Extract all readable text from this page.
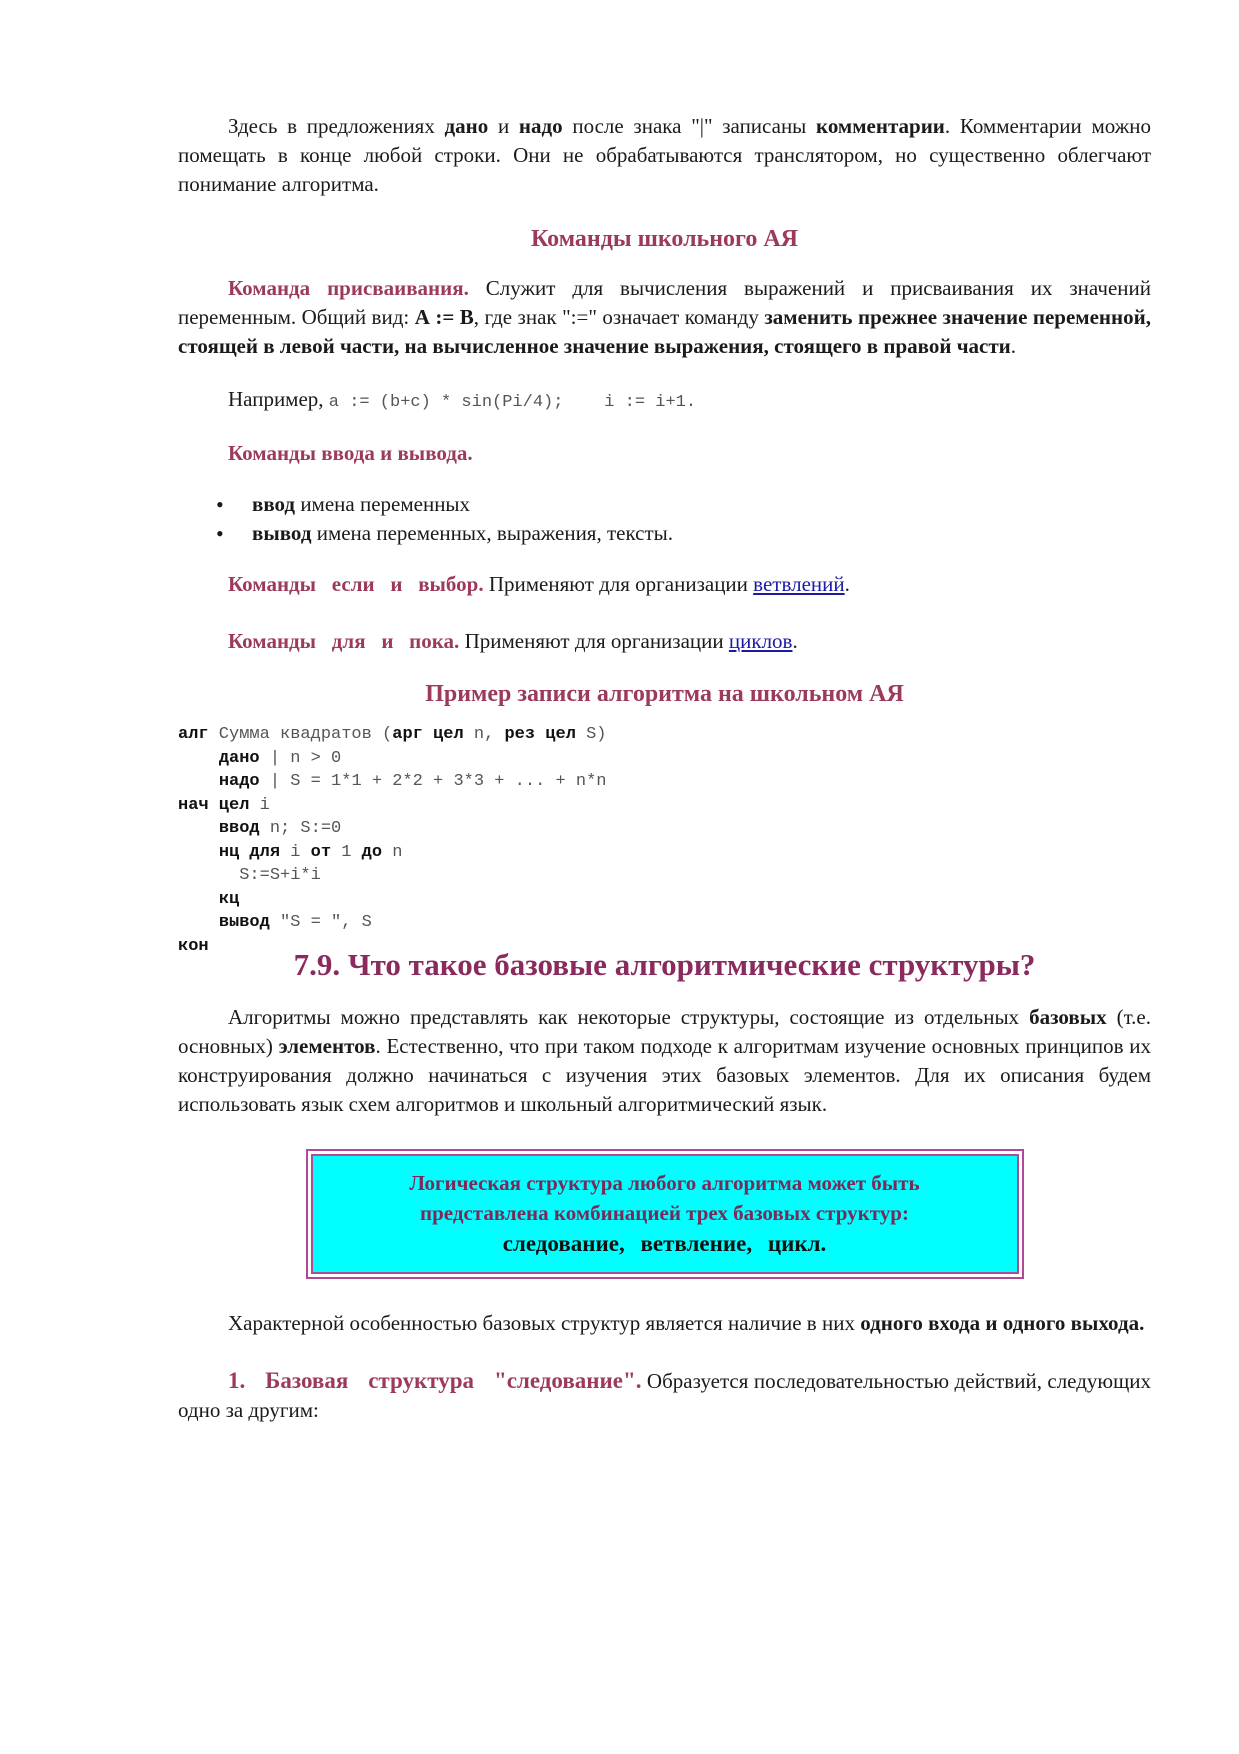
Здесь в предложениях дано и надо после знака "|" записаны комментарии. Комментарии можно помещать в конце любой строки. Они не обрабатываются транслятором, но существенно облегчают понимание алгоритма.

Команды школьного АЯ

Команда присваивания. Служит для вычисления выражений и присваивания их значений переменным. Общий вид: А := В, где знак ":=" означает команду заменить прежнее значение переменной, стоящей в левой части, на вычисленное значение выражения, стоящего в правой части.

Например, a := (b+c) * sin(Pi/4);    i := i+1.

Команды ввода и вывода.

• ввод имена переменных
• вывод имена переменных, выражения, тексты.

Команды   если   и   выбор. Применяют для организации ветвлений.

Команды   для   и   пока. Применяют для организации циклов.

Пример записи алгоритма на школьном АЯ
алг Сумма квадратов (арг цел n, рез цел S)
дано | n > 0
надо | S = 1*1 + 2*2 + 3*3 + ... + n*n
нач цел i
ввод n; S:=0
нц для i от 1 до n
S:=S+i*i
кц
вывод "S = ", S
кон
7.9. Что такое базовые алгоритмические структуры?

Алгоритмы можно представлять как некоторые структуры, состоящие из отдельных базовых (т.е. основных) элементов. Естественно, что при таком подходе к алгоритмам изучение основных принципов их конструирования должно начинаться с изучения этих базовых элементов. Для их описания будем использовать язык схем алгоритмов и школьный алгоритмический язык.

Логическая структура любого алгоритма может быть
представлена комбинацией трех базовых структур:
следование, ветвление, цикл.

Характерной особенностью базовых структур является наличие в них одного входа и одного выхода.

1. Базовая структура "следование". Образуется последовательностью действий, следующих одно за другим:
